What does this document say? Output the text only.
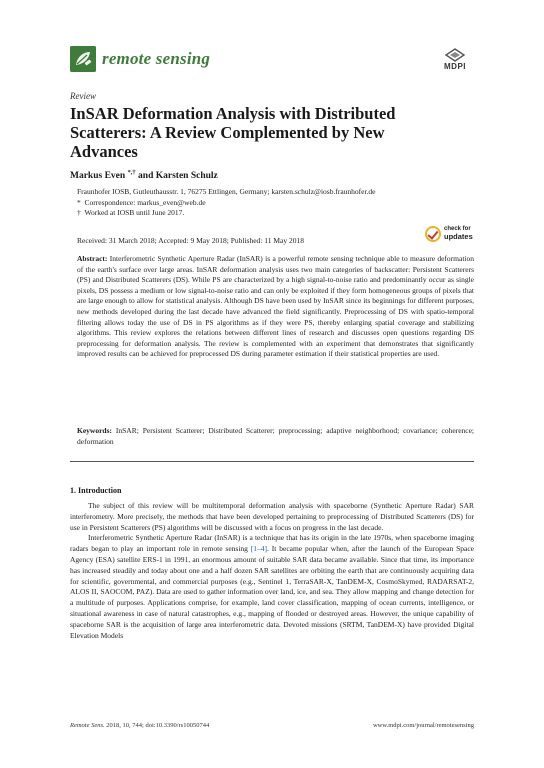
remote sensing	MDPI
Review
InSAR Deformation Analysis with Distributed Scatterers: A Review Complemented by New Advances
Markus Even *,† and Karsten Schulz
Fraunhofer IOSB, Gutleuthausstr. 1, 76275 Ettlingen, Germany; karsten.schulz@iosb.fraunhofer.de
*  Correspondence: markus_even@web.de
†  Worked at IOSB until June 2017.
Received: 31 March 2018; Accepted: 9 May 2018; Published: 11 May 2018
check for
updates
Abstract: Interferometric Synthetic Aperture Radar (InSAR) is a powerful remote sensing technique able to measure deformation of the earth's surface over large areas. InSAR deformation analysis uses two main categories of backscatter: Persistent Scatterers (PS) and Distributed Scatterers (DS). While PS are characterized by a high signal-to-noise ratio and predominantly occur as single pixels, DS possess a medium or low signal-to-noise ratio and can only be exploited if they form homogeneous groups of pixels that are large enough to allow for statistical analysis. Although DS have been used by InSAR since its beginnings for different purposes, new methods developed during the last decade have advanced the field significantly. Preprocessing of DS with spatio-temporal filtering allows today the use of DS in PS algorithms as if they were PS, thereby enlarging spatial coverage and stabilizing algorithms. This review explores the relations between different lines of research and discusses open questions regarding DS preprocessing for deformation analysis. The review is complemented with an experiment that demonstrates that significantly improved results can be achieved for preprocessed DS during parameter estimation if their statistical properties are used.
Keywords: InSAR; Persistent Scatterer; Distributed Scatterer; preprocessing; adaptive neighborhood; covariance; coherence; deformation
1. Introduction

The subject of this review will be multitemporal deformation analysis with spaceborne (Synthetic Aperture Radar) SAR interferometry. More precisely, the methods that have been developed pertaining to preprocessing of Distributed Scatterers (DS) for use in Persistent Scatterers (PS) algorithms will be discussed with a focus on progress in the last decade.

Interferometric Synthetic Aperture Radar (InSAR) is a technique that has its origin in the late 1970s, when spaceborne imaging radars began to play an important role in remote sensing [1–4]. It became popular when, after the launch of the European Space Agency (ESA) satellite ERS-1 in 1991, an enormous amount of suitable SAR data became available. Since that time, its importance has increased steadily and today about one and a half dozen SAR satellites are orbiting the earth that are continuously acquiring data for scientific, governmental, and commercial purposes (e.g., Sentinel 1, TerraSAR-X, TanDEM-X, CosmoSkymed, RADARSAT-2, ALOS II, SAOCOM, PAZ). Data are used to gather information over land, ice, and sea. They allow mapping and change detection for a multitude of purposes. Applications comprise, for example, land cover classification, mapping of ocean currents, intelligence, or situational awareness in case of natural catastrophes, e.g., mapping of flooded or destroyed areas. However, the unique capability of spaceborne SAR is the acquisition of large area interferometric data. Devoted missions (SRTM, TanDEM-X) have provided Digital Elevation Models

Remote Sens. 2018, 10, 744; doi:10.3390/rs10050744	www.mdpi.com/journal/remotesensing
